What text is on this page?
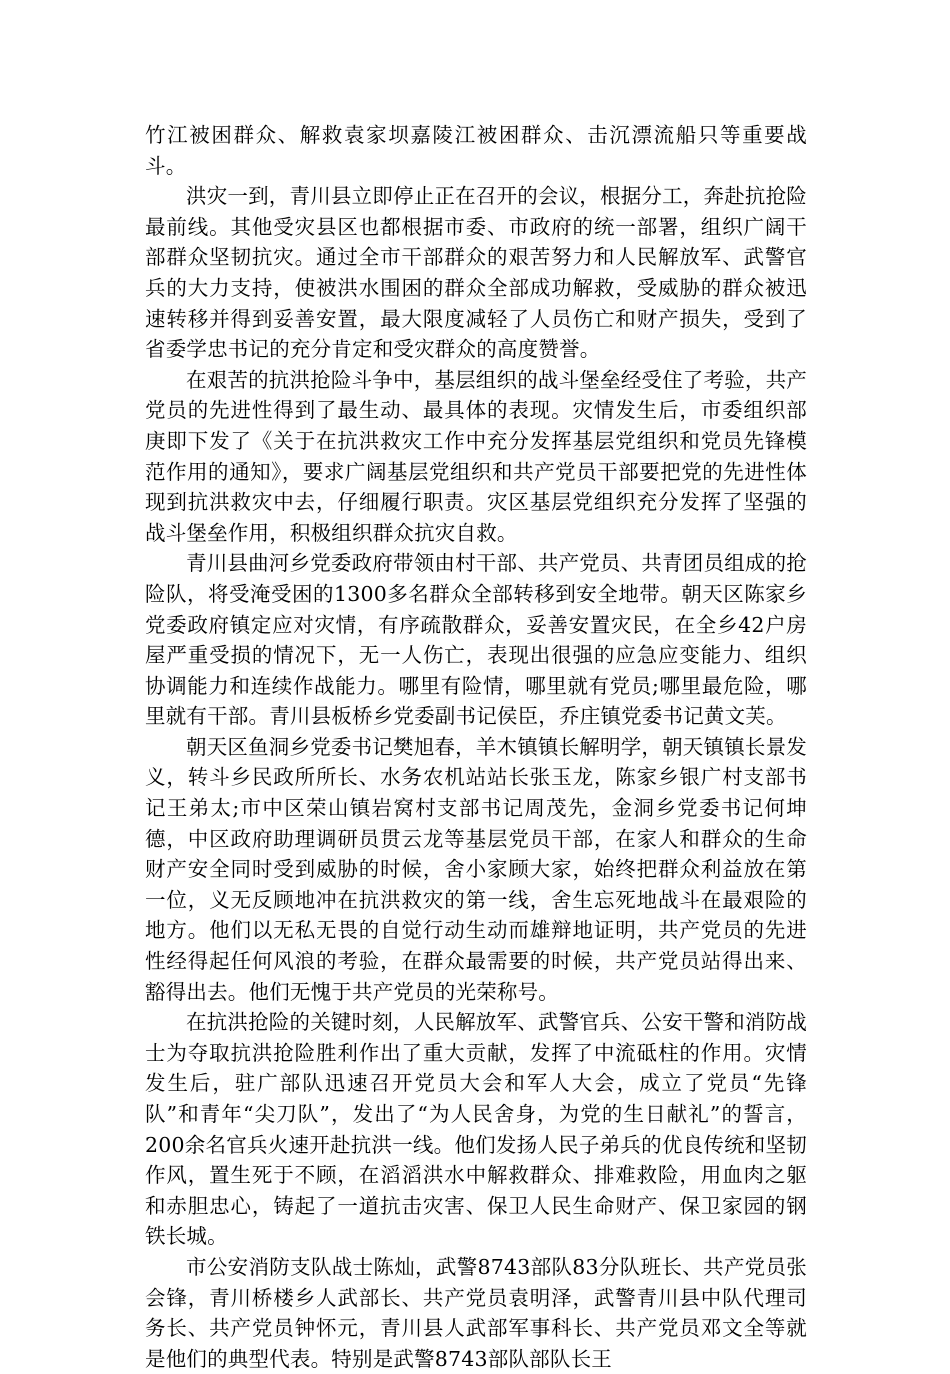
竹江被困群众、解救袁家坝嘉陵江被困群众、击沉漂流船只等重要战斗。

洪灾一到，青川县立即停止正在召开的会议，根据分工，奔赴抗抢险最前线。其他受灾县区也都根据市委、市政府的统一部署，组织广阔干部群众坚韧抗灾。通过全市干部群众的艰苦努力和人民解放军、武警官兵的大力支持，使被洪水围困的群众全部成功解救，受威胁的群众被迅速转移并得到妥善安置，最大限度减轻了人员伤亡和财产损失，受到了省委学忠书记的充分肯定和受灾群众的高度赞誉。

在艰苦的抗洪抢险斗争中，基层组织的战斗堡垒经受住了考验，共产党员的先进性得到了最生动、最具体的表现。灾情发生后，市委组织部庚即下发了《关于在抗洪救灾工作中充分发挥基层党组织和党员先锋模范作用的通知》，要求广阔基层党组织和共产党员干部要把党的先进性体现到抗洪救灾中去，仔细履行职责。灾区基层党组织充分发挥了坚强的战斗堡垒作用，积极组织群众抗灾自救。

青川县曲河乡党委政府带领由村干部、共产党员、共青团员组成的抢险队，将受淹受困的1300多名群众全部转移到安全地带。朝天区陈家乡党委政府镇定应对灾情，有序疏散群众，妥善安置灾民，在全乡42户房屋严重受损的情况下，无一人伤亡，表现出很强的应急应变能力、组织协调能力和连续作战能力。哪里有险情，哪里就有党员;哪里最危险，哪里就有干部。青川县板桥乡党委副书记侯臣，乔庄镇党委书记黄文芙。

朝天区鱼洞乡党委书记樊旭春，羊木镇镇长解明学，朝天镇镇长景发义，转斗乡民政所所长、水务农机站站长张玉龙，陈家乡银广村支部书记王弟太;市中区荣山镇岩窝村支部书记周茂先，金洞乡党委书记何坤德，中区政府助理调研员贯云龙等基层党员干部，在家人和群众的生命财产安全同时受到威胁的时候，舍小家顾大家，始终把群众利益放在第一位，义无反顾地冲在抗洪救灾的第一线，舍生忘死地战斗在最艰险的地方。他们以无私无畏的自觉行动生动而雄辩地证明，共产党员的先进性经得起任何风浪的考验，在群众最需要的时候，共产党员站得出来、豁得出去。他们无愧于共产党员的光荣称号。

在抗洪抢险的关键时刻，人民解放军、武警官兵、公安干警和消防战士为夺取抗洪抢险胜利作出了重大贡献，发挥了中流砥柱的作用。灾情发生后，驻广部队迅速召开党员大会和军人大会，成立了党员“先锋队”和青年“尖刀队”，发出了“为人民舍身，为党的生日献礼”的誓言，200余名官兵火速开赴抗洪一线。他们发扬人民子弟兵的优良传统和坚韧作风，置生死于不顾，在滔滔洪水中解救群众、排难救险，用血肉之躯和赤胆忠心，铸起了一道抗击灾害、保卫人民生命财产、保卫家园的钢铁长城。

市公安消防支队战士陈灿，武警8743部队83分队班长、共产党员张会锋，青川桥楼乡人武部长、共产党员袁明泽，武警青川县中队代理司务长、共产党员钟怀元，青川县人武部军事科长、共产党员邓文全等就是他们的典型代表。特别是武警8743部队部队长王
